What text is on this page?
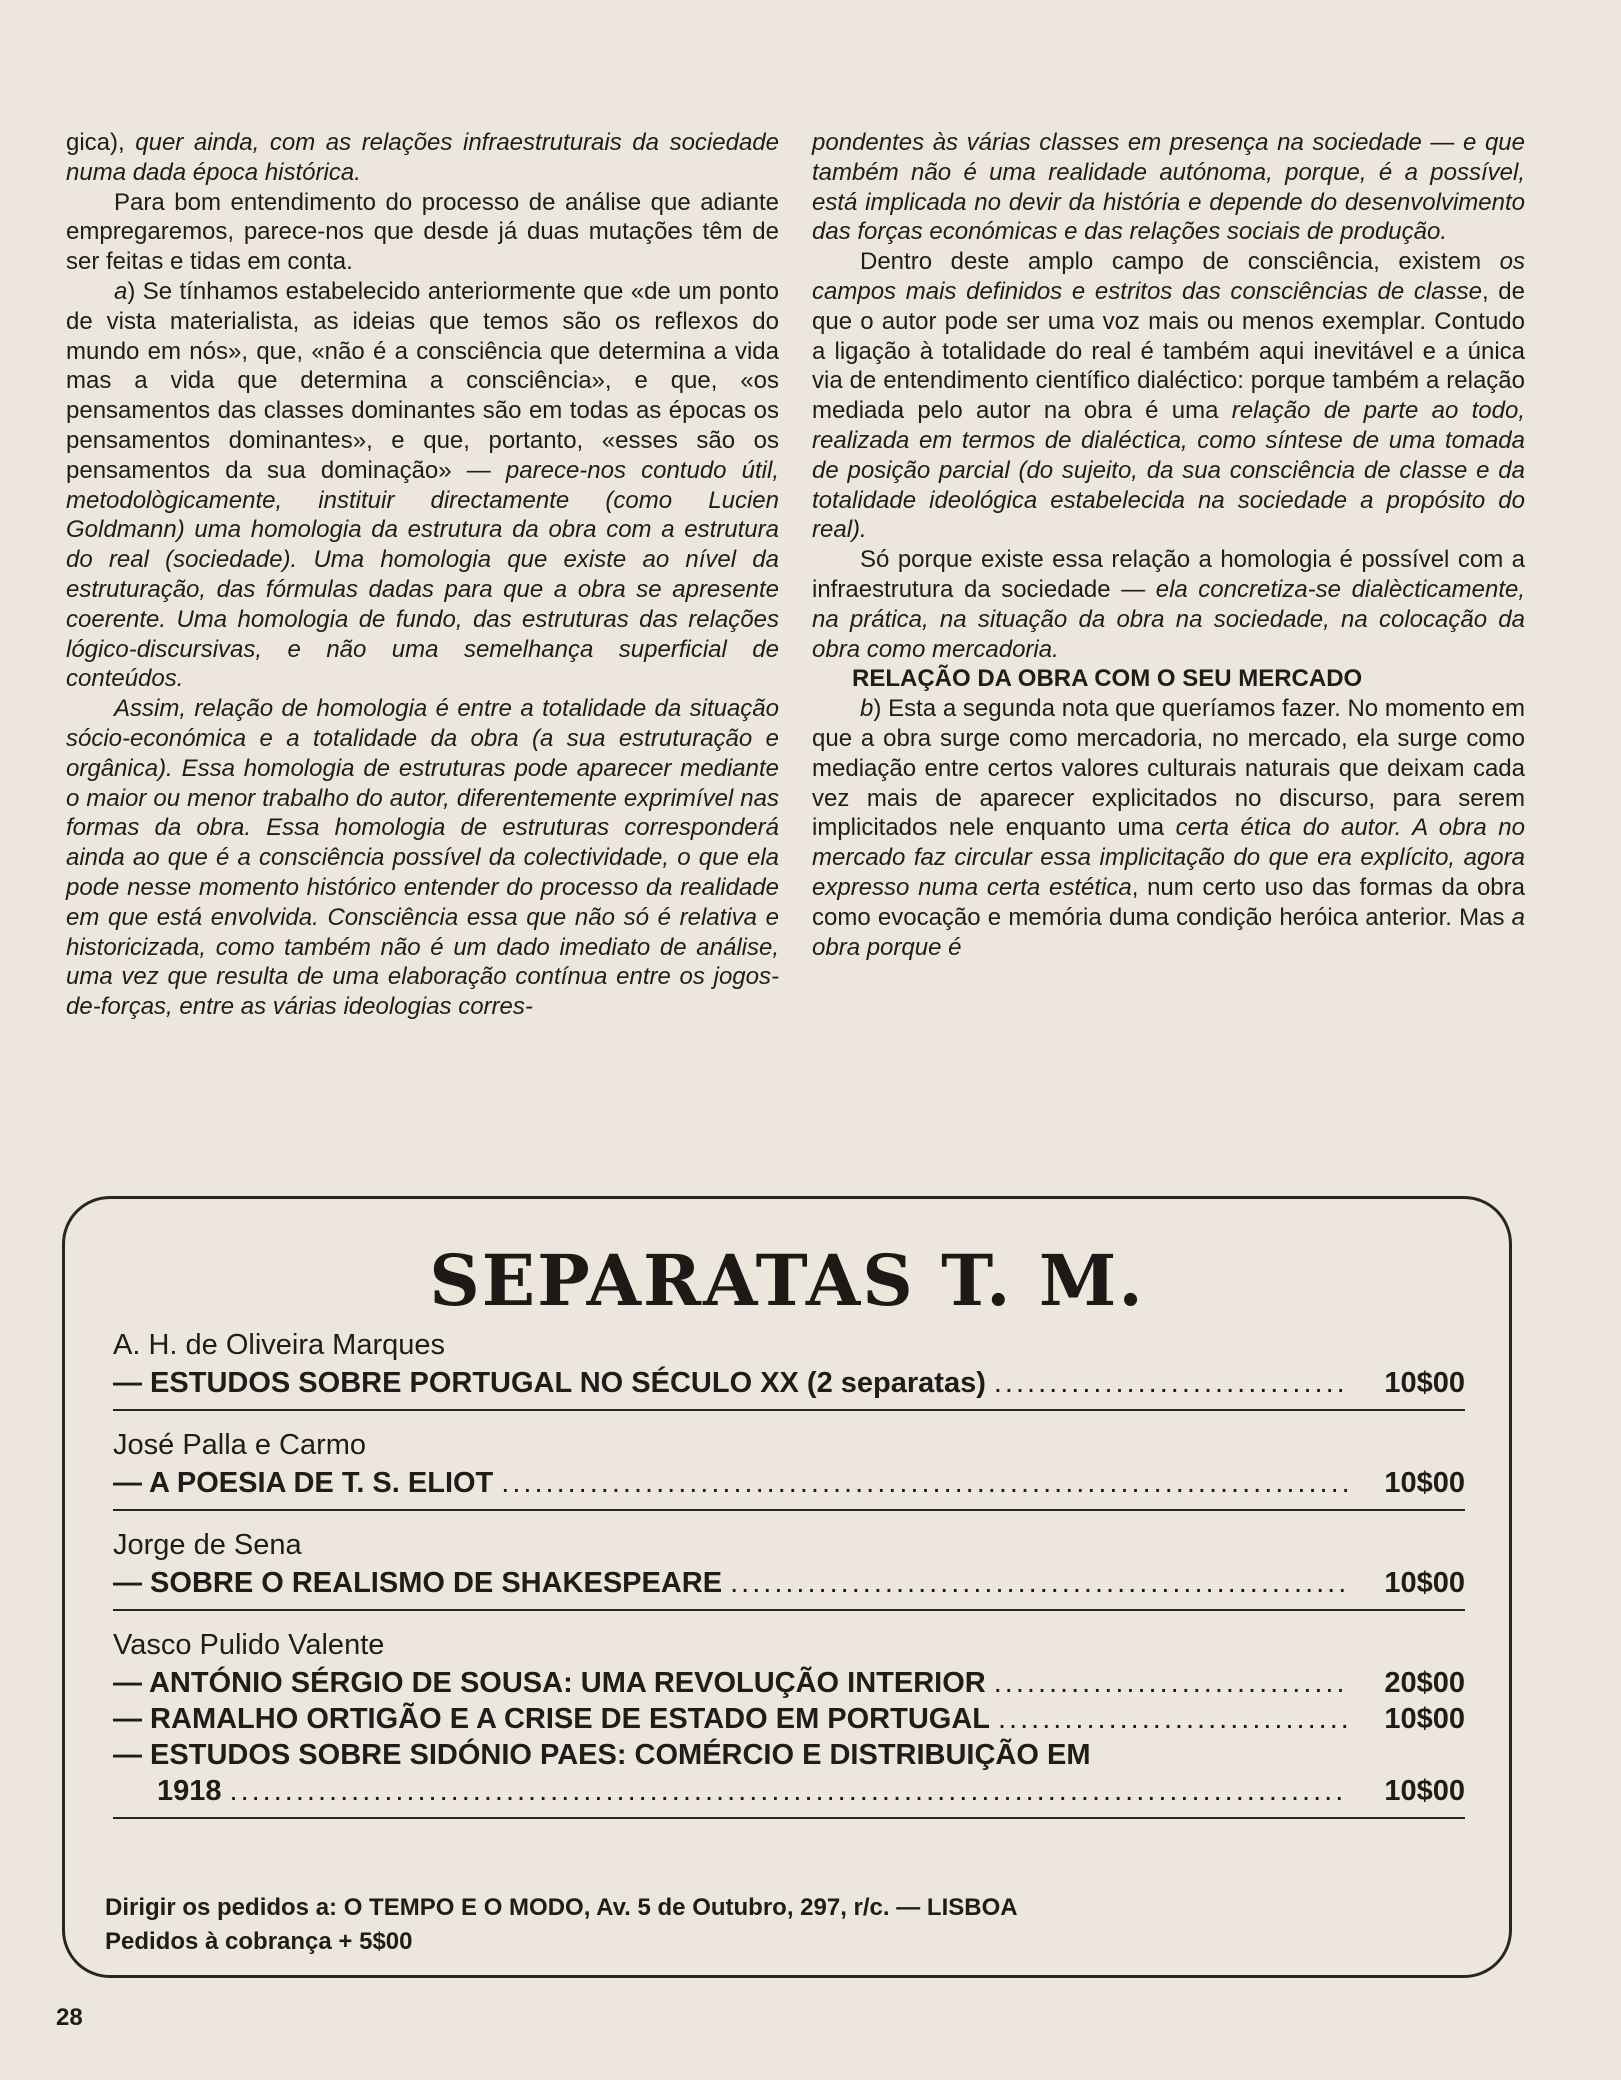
gica), quer ainda, com as relações infraestruturais da sociedade numa dada época histórica.

Para bom entendimento do processo de análise que adiante empregaremos, parece-nos que desde já duas mutações têm de ser feitas e tidas em conta.

a) Se tínhamos estabelecido anteriormente que «de um ponto de vista materialista, as ideias que temos são os reflexos do mundo em nós», que, «não é a consciência que determina a vida mas a vida que determina a consciência», e que, «os pensamentos das classes dominantes são em todas as épocas os pensamentos dominantes», e que, portanto, «esses são os pensamentos da sua dominação» — parece-nos contudo útil, metodològicamente, instituir directamente (como Lucien Goldmann) uma homologia da estrutura da obra com a estrutura do real (sociedade). Uma homologia que existe ao nível da estruturação, das fórmulas dadas para que a obra se apresente coerente. Uma homologia de fundo, das estruturas das relações lógico-discursivas, e não uma semelhança superficial de conteúdos.

Assim, relação de homologia é entre a totalidade da situação sócio-económica e a totalidade da obra (a sua estruturação e orgânica). Essa homologia de estruturas pode aparecer mediante o maior ou menor trabalho do autor, diferentemente exprimível nas formas da obra. Essa homologia de estruturas corresponderá ainda ao que é a consciência possível da colectividade, o que ela pode nesse momento histórico entender do processo da realidade em que está envolvida. Consciência essa que não só é relativa e historicizada, como também não é um dado imediato de análise, uma vez que resulta de uma elaboração contínua entre os jogos-de-forças, entre as várias ideologias corres-

pondentes às várias classes em presença na sociedade — e que também não é uma realidade autónoma, porque, é a possível, está implicada no devir da história e depende do desenvolvimento das forças económicas e das relações sociais de produção.

Dentro deste amplo campo de consciência, existem os campos mais definidos e estritos das consciências de classe, de que o autor pode ser uma voz mais ou menos exemplar. Contudo a ligação à totalidade do real é também aqui inevitável e a única via de entendimento científico dialéctico: porque também a relação mediada pelo autor na obra é uma relação de parte ao todo, realizada em termos de dialéctica, como síntese de uma tomada de posição parcial (do sujeito, da sua consciência de classe e da totalidade ideológica estabelecida na sociedade a propósito do real).

Só porque existe essa relação a homologia é possível com a infraestrutura da sociedade — ela concretiza-se dialècticamente, na prática, na situação da obra na sociedade, na colocação da obra como mercadoria.

RELAÇÃO DA OBRA COM O SEU MERCADO

b) Esta a segunda nota que queríamos fazer. No momento em que a obra surge como mercadoria, no mercado, ela surge como mediação entre certos valores culturais naturais que deixam cada vez mais de aparecer explicitados no discurso, para serem implicitados nele enquanto uma certa ética do autor. A obra no mercado faz circular essa implicitação do que era explícito, agora expresso numa certa estética, num certo uso das formas da obra como evocação e memória duma condição heróica anterior. Mas a obra porque é

SEPARATAS T. M.
A. H. de Oliveira Marques
— ESTUDOS SOBRE PORTUGAL NO SÉCULO XX (2 separatas) .....	10$00
José Palla e Carmo
— A POESIA DE T. S. ELIOT .....	10$00
Jorge de Sena
— SOBRE O REALISMO DE SHAKESPEARE .....	10$00
Vasco Pulido Valente
— ANTÓNIO SÉRGIO DE SOUSA: UMA REVOLUÇÃO INTERIOR .....	20$00
— RAMALHO ORTIGÃO E A CRISE DE ESTADO EM PORTUGAL .....	10$00
— ESTUDOS SOBRE SIDÓNIO PAES: COMÉRCIO E DISTRIBUIÇÃO EM
1918 .....	10$00
Dirigir os pedidos a: O TEMPO E O MODO, Av. 5 de Outubro, 297, r/c. — LISBOA
Pedidos à cobrança + 5$00
28
